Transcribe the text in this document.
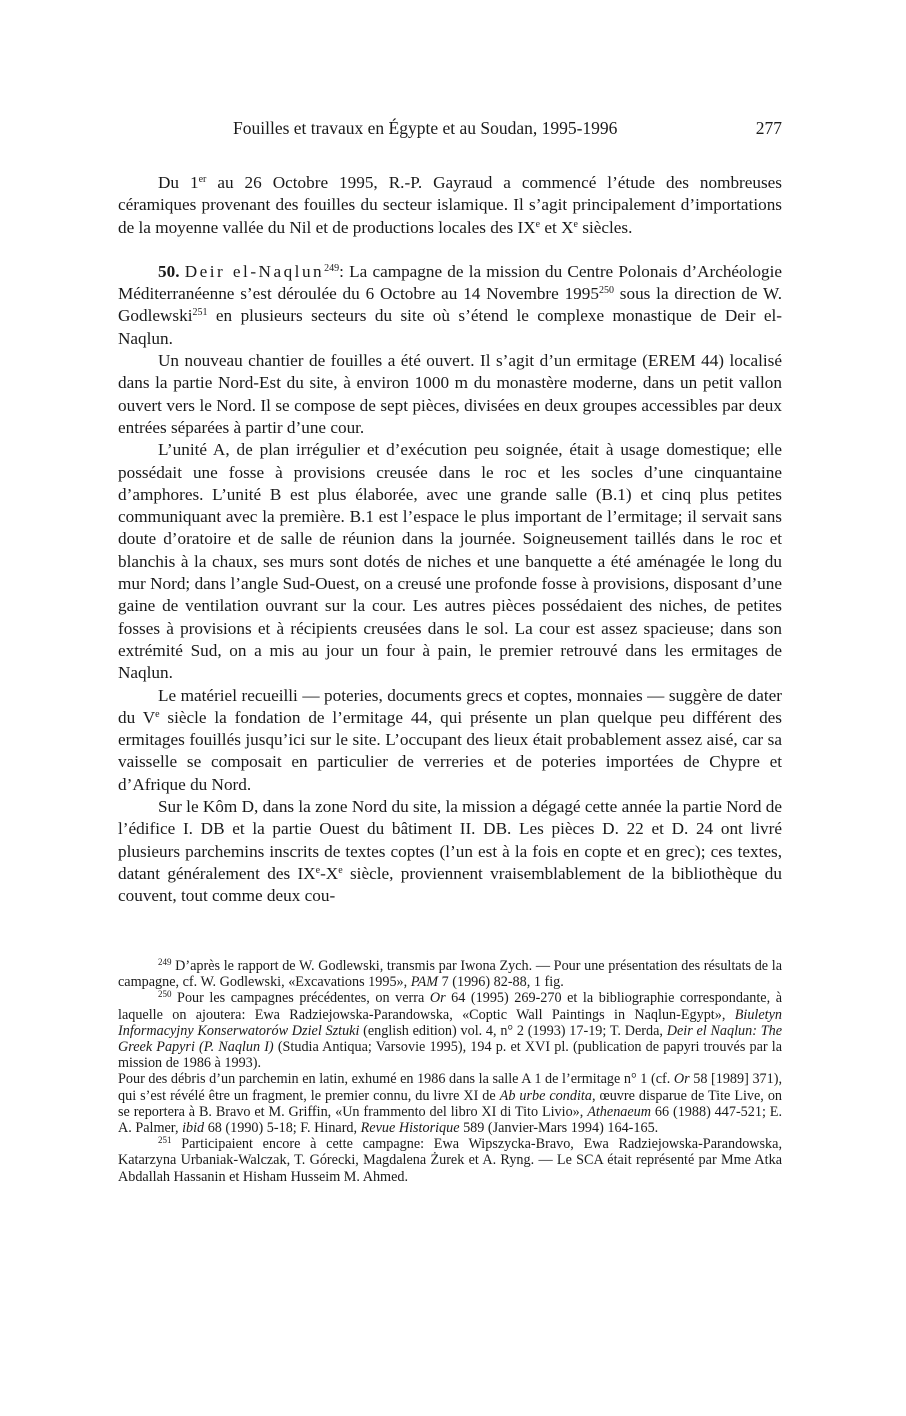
Fouilles et travaux en Égypte et au Soudan, 1995-1996	277

Du 1er au 26 Octobre 1995, R.-P. Gayraud a commencé l’étude des nombreuses céramiques provenant des fouilles du secteur islamique. Il s’agit principalement d’importations de la moyenne vallée du Nil et de productions locales des IXe et Xe siècles.

50. Deir el-Naqlun$^{249}$: La campagne de la mission du Centre Polonais d’Archéologie Méditerranéenne s’est déroulée du 6 Octobre au 14 Novembre 1995$^{250}$ sous la direction de W. Godlewski$^{251}$ en plusieurs secteurs du site où s’étend le complexe monastique de Deir el-Naqlun.

Un nouveau chantier de fouilles a été ouvert. Il s’agit d’un ermitage (EREM 44) localisé dans la partie Nord-Est du site, à environ 1000 m du monastère moderne, dans un petit vallon ouvert vers le Nord. Il se compose de sept pièces, divisées en deux groupes accessibles par deux entrées séparées à partir d’une cour.

L’unité A, de plan irrégulier et d’exécution peu soignée, était à usage domestique; elle possédait une fosse à provisions creusée dans le roc et les socles d’une cinquantaine d’amphores. L’unité B est plus élaborée, avec une grande salle (B.1) et cinq plus petites communiquant avec la première. B.1 est l’espace le plus important de l’ermitage; il servait sans doute d’oratoire et de salle de réunion dans la journée. Soigneusement taillés dans le roc et blanchis à la chaux, ses murs sont dotés de niches et une banquette a été aménagée le long du mur Nord; dans l’angle Sud-Ouest, on a creusé une profonde fosse à provisions, disposant d’une gaine de ventilation ouvrant sur la cour. Les autres pièces possédaient des niches, de petites fosses à provisions et à récipients creusées dans le sol. La cour est assez spacieuse; dans son extrémité Sud, on a mis au jour un four à pain, le premier retrouvé dans les ermitages de Naqlun.

Le matériel recueilli — poteries, documents grecs et coptes, monnaies — suggère de dater du Ve siècle la fondation de l’ermitage 44, qui présente un plan quelque peu différent des ermitages fouillés jusqu’ici sur le site. L’occupant des lieux était probablement assez aisé, car sa vaisselle se composait en particulier de verreries et de poteries importées de Chypre et d’Afrique du Nord.

Sur le Kôm D, dans la zone Nord du site, la mission a dégagé cette année la partie Nord de l’édifice I. DB et la partie Ouest du bâtiment II. DB. Les pièces D. 22 et D. 24 ont livré plusieurs parchemins inscrits de textes coptes (l’un est à la fois en copte et en grec); ces textes, datant généralement des IXe-Xe siècle, proviennent vraisemblablement de la bibliothèque du couvent, tout comme deux cou-

$^{249}$ D’après le rapport de W. Godlewski, transmis par Iwona Zych. — Pour une présentation des résultats de la campagne, cf. W. Godlewski, «Excavations 1995», PAM 7 (1996) 82-88, 1 fig.

$^{250}$ Pour les campagnes précédentes, on verra Or 64 (1995) 269-270 et la bibliographie correspondante, à laquelle on ajoutera: Ewa Radziejowska-Parandowska, «Coptic Wall Paintings in Naqlun-Egypt», Biuletyn Informacyjny Konserwatorów Dziel Sztuki (english edition) vol. 4, n° 2 (1993) 17-19; T. Derda, Deir el Naqlun: The Greek Papyri (P. Naqlun I) (Studia Antiqua; Varsovie 1995), 194 p. et XVI pl. (publication de papyri trouvés par la mission de 1986 à 1993).

Pour des débris d’un parchemin en latin, exhumé en 1986 dans la salle A 1 de l’ermitage n° 1 (cf. Or 58 [1989] 371), qui s’est révélé être un fragment, le premier connu, du livre XI de Ab urbe condita, œuvre disparue de Tite Live, on se reportera à B. Bravo et M. Griffin, «Un frammento del libro XI di Tito Livio», Athenaeum 66 (1988) 447-521; E. A. Palmer, ibid 68 (1990) 5-18; F. Hinard, Revue Historique 589 (Janvier-Mars 1994) 164-165.

$^{251}$ Participaient encore à cette campagne: Ewa Wipszycka-Bravo, Ewa Radziejowska-Parandowska, Katarzyna Urbaniak-Walczak, T. Górecki, Magdalena Żurek et A. Ryng. — Le SCA était représenté par Mme Atka Abdallah Hassanin et Hisham Husseim M. Ahmed.
